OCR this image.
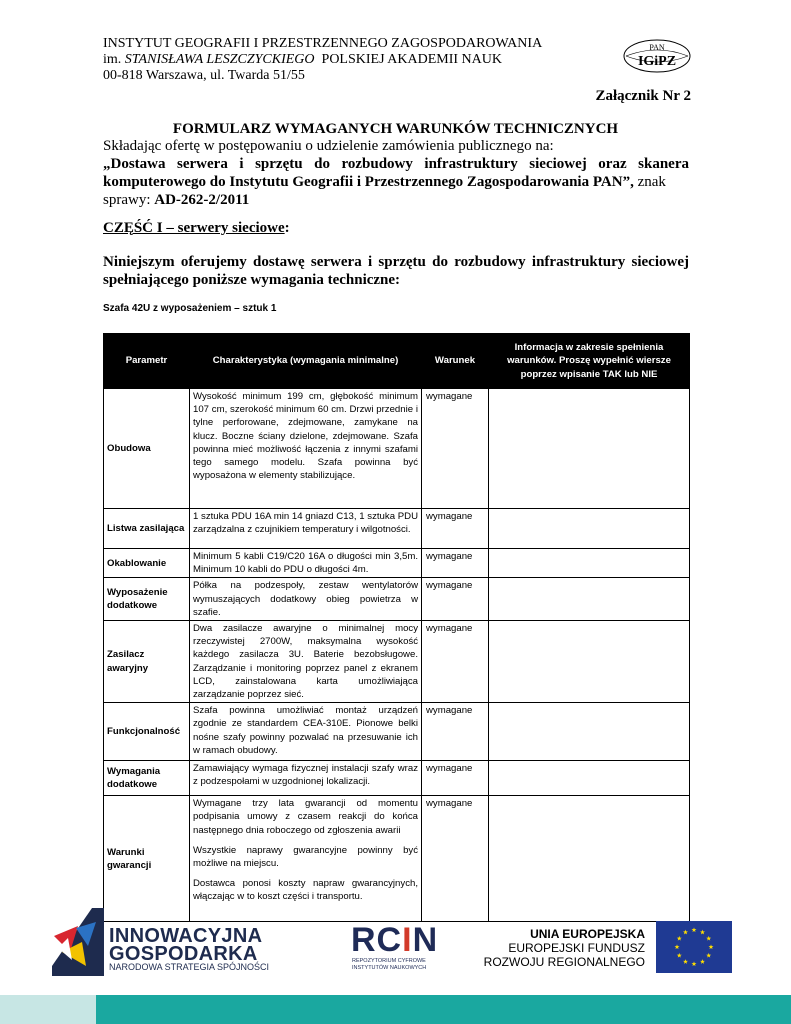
INSTYTUT GEOGRAFII I PRZESTRZENNEGO ZAGOSPODAROWANIA
im. STANISŁAWA LESZCZYCKIEGO  POLSKIEJ AKADEMII NAUK
00-818 Warszawa, ul. Twarda 51/55
PAN
IGiPZ
Załącznik Nr 2
FORMULARZ WYMAGANYCH WARUNKÓW TECHNICZNYCH
Składając ofertę w postępowaniu o udzielenie zamówienia publicznego na:
„Dostawa serwera i sprzętu do rozbudowy infrastruktury sieciowej oraz skanera
komputerowego do Instytutu Geografii i Przestrzennego Zagospodarowania PAN”, znak
sprawy: AD-262-2/2011
CZĘŚĆ I – serwery sieciowe:
Niniejszym oferujemy dostawę serwera i sprzętu do rozbudowy infrastruktury sieciowej spełniającego poniższe wymagania techniczne:
Szafa 42U z wyposażeniem – sztuk 1
Parametr	Charakterystyka (wymagania minimalne)	Warunek	Informacja w zakresie spełnienia warunków. Proszę wypełnić wiersze poprzez wpisanie TAK lub NIE
Obudowa	Wysokość minimum 199 cm, głębokość minimum 107 cm, szerokość minimum 60 cm. Drzwi przednie i tylne perforowane, zdejmowane, zamykane na klucz. Boczne ściany dzielone, zdejmowane. Szafa powinna mieć możliwość łączenia z innymi szafami tego samego modelu. Szafa powinna być wyposażona w elementy stabilizujące.	wymagane	
Listwa zasilająca	1 sztuka PDU 16A min 14 gniazd C13, 1 sztuka PDU zarządzalna z czujnikiem temperatury i wilgotności.	wymagane	
Okablowanie	Minimum 5 kabli C19/C20 16A o długości min 3,5m. Minimum 10 kabli do PDU o długości 4m.	wymagane	
Wyposażenie dodatkowe	Półka na podzespoły, zestaw wentylatorów wymuszających dodatkowy obieg powietrza w szafie.	wymagane	
Zasilacz awaryjny	Dwa zasilacze awaryjne o minimalnej mocy rzeczywistej 2700W, maksymalna wysokość każdego zasilacza 3U. Baterie bezobsługowe. Zarządzanie i monitoring poprzez panel z ekranem LCD, zainstalowana karta umożliwiająca zarządzanie poprzez sieć.	wymagane	
Funkcjonalność	Szafa powinna umożliwiać montaż urządzeń zgodnie ze standardem CEA-310E. Pionowe belki nośne szafy powinny pozwalać na przesuwanie ich w ramach obudowy.	wymagane	
Wymagania dodatkowe	Zamawiający wymaga fizycznej instalacji szafy wraz z podzespołami w uzgodnionej lokalizacji.	wymagane	
Warunki gwarancji	Wymagane trzy lata gwarancji od momentu podpisania umowy z czasem reakcji do końca następnego dnia roboczego od zgłoszenia awarii

Wszystkie naprawy gwarancyjne powinny być możliwe na miejscu.

Dostawca ponosi koszty napraw gwarancyjnych, włączając w to koszt części i transportu.	wymagane	
INNOWACYJNA
GOSPODARKA
NARODOWA STRATEGIA SPÓJNOŚCI
RCIN
REPOZYTORIUM CYFROWE
INSTYTUTÓW NAUKOWYCH
UNIA EUROPEJSKA
EUROPEJSKI FUNDUSZ
ROZWOJU REGIONALNEGO
